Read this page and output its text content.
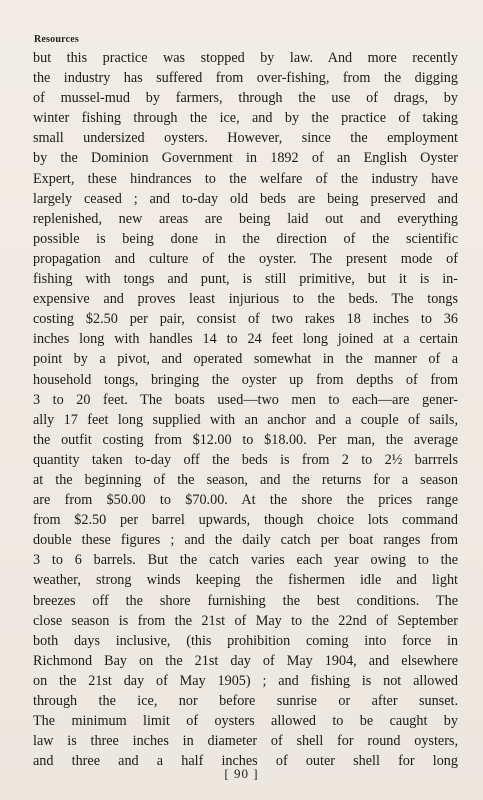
Resources
but this practice was stopped by law. And more recently
the industry has suffered from over-fishing, from the digging
of mussel-mud by farmers, through the use of drags, by
winter fishing through the ice, and by the practice of taking
small undersized oysters. However, since the employment
by the Dominion Government in 1892 of an English Oyster
Expert, these hindrances to the welfare of the industry have
largely ceased ; and to-day old beds are being preserved and
replenished, new areas are being laid out and everything
possible is being done in the direction of the scientific
propagation and culture of the oyster. The present mode of
fishing with tongs and punt, is still primitive, but it is in-
expensive and proves least injurious to the beds. The tongs
costing $2.50 per pair, consist of two rakes 18 inches to 36
inches long with handles 14 to 24 feet long joined at a certain
point by a pivot, and operated somewhat in the manner of a
household tongs, bringing the oyster up from depths of from
3 to 20 feet. The boats used—two men to each—are gener-
ally 17 feet long supplied with an anchor and a couple of sails,
the outfit costing from $12.00 to $18.00. Per man, the average
quantity taken to-day off the beds is from 2 to 2½ barrrels
at the beginning of the season, and the returns for a season
are from $50.00 to $70.00. At the shore the prices range
from $2.50 per barrel upwards, though choice lots command
double these figures ; and the daily catch per boat ranges from
3 to 6 barrels. But the catch varies each year owing to the
weather, strong winds keeping the fishermen idle and light
breezes off the shore furnishing the best conditions. The
close season is from the 21st of May to the 22nd of September
both days inclusive, (this prohibition coming into force in
Richmond Bay on the 21st day of May 1904, and elsewhere
on the 21st day of May 1905) ; and fishing is not allowed
through the ice, nor before sunrise or after sunset.
The minimum limit of oysters allowed to be caught by
law is three inches in diameter of shell for round oysters,
and three and a half inches of outer shell for long
[ 90 ]
